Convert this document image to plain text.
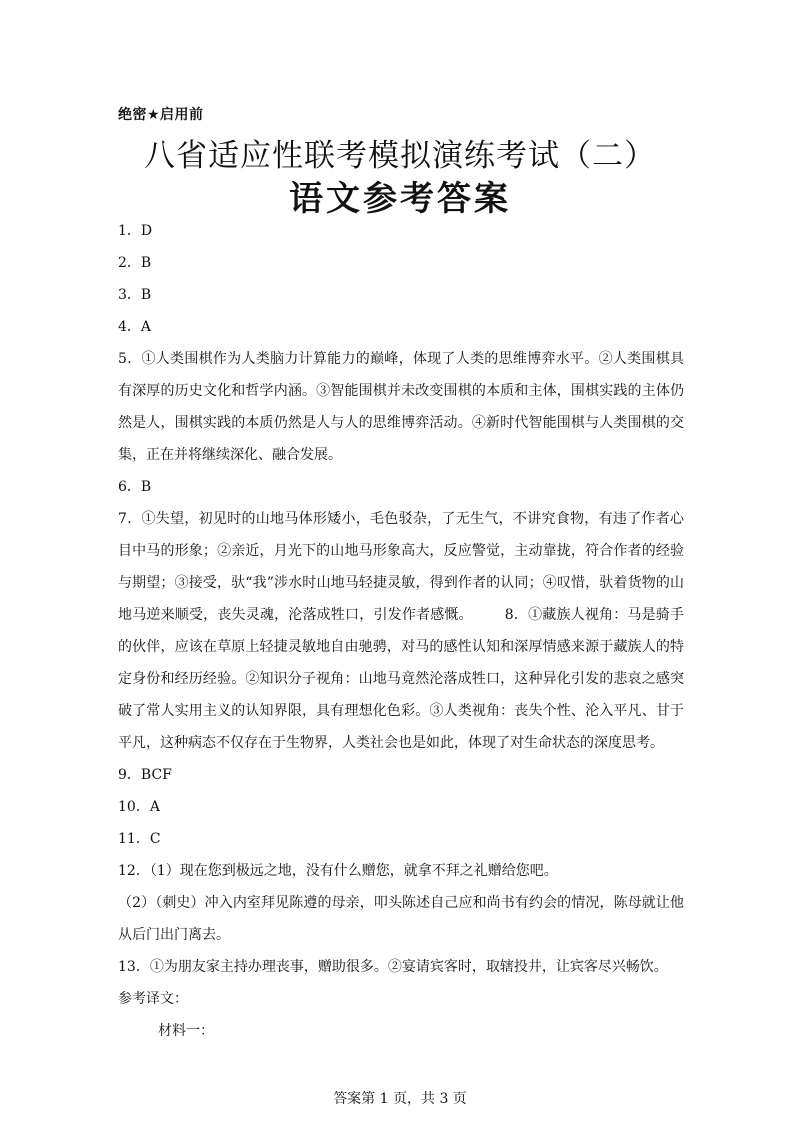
绝密★启用前
八省适应性联考模拟演练考试（二）
语文参考答案

1．D

2．B

3．B

4．A

5．①人类围棋作为人类脑力计算能力的巅峰，体现了人类的思维博弈水平。②人类围棋具有深厚的历史文化和哲学内涵。③智能围棋并未改变围棋的本质和主体，围棋实践的主体仍然是人，围棋实践的本质仍然是人与人的思维博弈活动。④新时代智能围棋与人类围棋的交集，正在并将继续深化、融合发展。

6．B

7．①失望，初见时的山地马体形矮小，毛色驳杂，了无生气，不讲究食物，有违了作者心目中马的形象；②亲近，月光下的山地马形象高大，反应警觉，主动靠拢，符合作者的经验与期望；③接受，驮“我”涉水时山地马轻捷灵敏，得到作者的认同；④叹惜，驮着货物的山地马逆来顺受，丧失灵魂，沦落成牲口，引发作者感慨。 8．①藏族人视角：马是骑手的伙伴，应该在草原上轻捷灵敏地自由驰骋，对马的感性认知和深厚情感来源于藏族人的特定身份和经历经验。②知识分子视角：山地马竟然沦落成牲口，这种异化引发的悲哀之感突破了常人实用主义的认知界限，具有理想化色彩。③人类视角：丧失个性、沦入平凡、甘于平凡，这种病态不仅存在于生物界，人类社会也是如此，体现了对生命状态的深度思考。

9．BCF

10．A

11．C

12．（1）现在您到极远之地，没有什么赠您，就拿不拜之礼赠给您吧。

（2）（刺史）冲入内室拜见陈遵的母亲，叩头陈述自己应和尚书有约会的情况，陈母就让他从后门出门离去。

13．①为朋友家主持办理丧事，赠助很多。②宴请宾客时，取辖投井，让宾客尽兴畅饮。

参考译文：

材料一：

答案第 1 页，共 3 页
